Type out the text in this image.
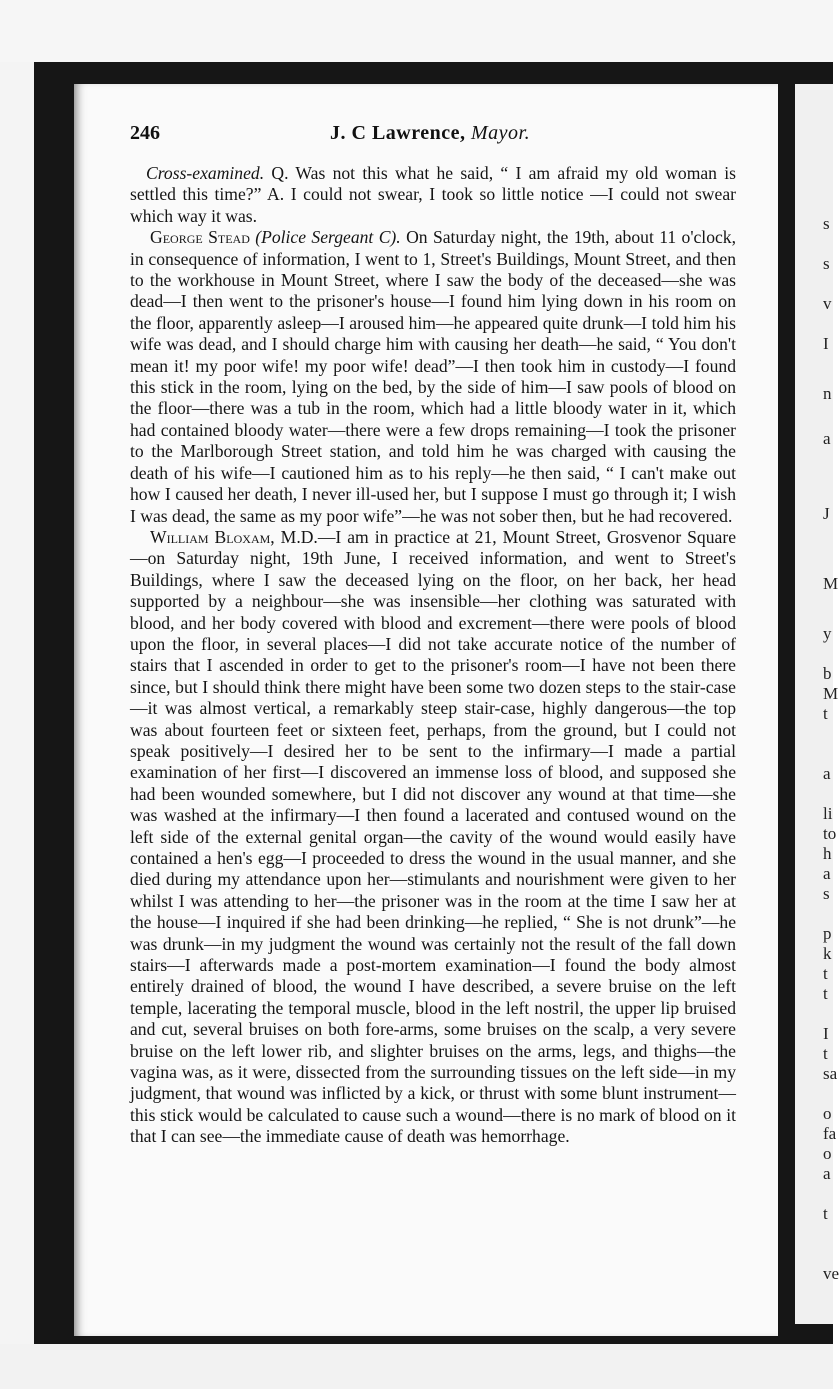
s
s
v
I
n
a
J
M
y
b
M
t
a
li
to
h
a
s
p
k
t
t
I
t
sa
o
fa
o
a
t
ve
246	J. C Lawrence, Mayor.

Cross-examined. Q. Was not this what he said, “ I am afraid my old woman is settled this time?” A. I could not swear, I took so little notice —I could not swear which way it was.

George Stead (Police Sergeant C). On Saturday night, the 19th, about 11 o'clock, in consequence of information, I went to 1, Street's Buildings, Mount Street, and then to the workhouse in Mount Street, where I saw the body of the deceased—she was dead—I then went to the prisoner's house—I found him lying down in his room on the floor, apparently asleep—I aroused him—he appeared quite drunk—I told him his wife was dead, and I should charge him with causing her death—he said, “ You don't mean it! my poor wife! my poor wife! dead”—I then took him in custody—I found this stick in the room, lying on the bed, by the side of him—I saw pools of blood on the floor—there was a tub in the room, which had a little bloody water in it, which had contained bloody water—there were a few drops remaining—I took the prisoner to the Marlborough Street station, and told him he was charged with causing the death of his wife—I cautioned him as to his reply—he then said, “ I can't make out how I caused her death, I never ill-used her, but I suppose I must go through it; I wish I was dead, the same as my poor wife”—he was not sober then, but he had recovered.

William Bloxam, M.D.—I am in practice at 21, Mount Street, Grosvenor Square—on Saturday night, 19th June, I received information, and went to Street's Buildings, where I saw the deceased lying on the floor, on her back, her head supported by a neighbour—she was insensible—her clothing was saturated with blood, and her body covered with blood and excrement—there were pools of blood upon the floor, in several places—I did not take accurate notice of the number of stairs that I ascended in order to get to the prisoner's room—I have not been there since, but I should think there might have been some two dozen steps to the stair-case—it was almost vertical, a remarkably steep stair-case, highly dangerous—the top was about fourteen feet or sixteen feet, perhaps, from the ground, but I could not speak positively—I desired her to be sent to the infirmary—I made a partial examination of her first—I discovered an immense loss of blood, and supposed she had been wounded somewhere, but I did not discover any wound at that time—she was washed at the infirmary—I then found a lacerated and contused wound on the left side of the external genital organ—the cavity of the wound would easily have contained a hen's egg—I proceeded to dress the wound in the usual manner, and she died during my attendance upon her—stimulants and nourishment were given to her whilst I was attending to her—the prisoner was in the room at the time I saw her at the house—I inquired if she had been drinking—he replied, “ She is not drunk”—he was drunk—in my judgment the wound was certainly not the result of the fall down stairs—I afterwards made a post-mortem examination—I found the body almost entirely drained of blood, the wound I have described, a severe bruise on the left temple, lacerating the temporal muscle, blood in the left nostril, the upper lip bruised and cut, several bruises on both fore-arms, some bruises on the scalp, a very severe bruise on the left lower rib, and slighter bruises on the arms, legs, and thighs—the vagina was, as it were, dissected from the surrounding tissues on the left side—in my judgment, that wound was inflicted by a kick, or thrust with some blunt instrument—this stick would be calculated to cause such a wound—there is no mark of blood on it that I can see—the immediate cause of death was hemorrhage.
